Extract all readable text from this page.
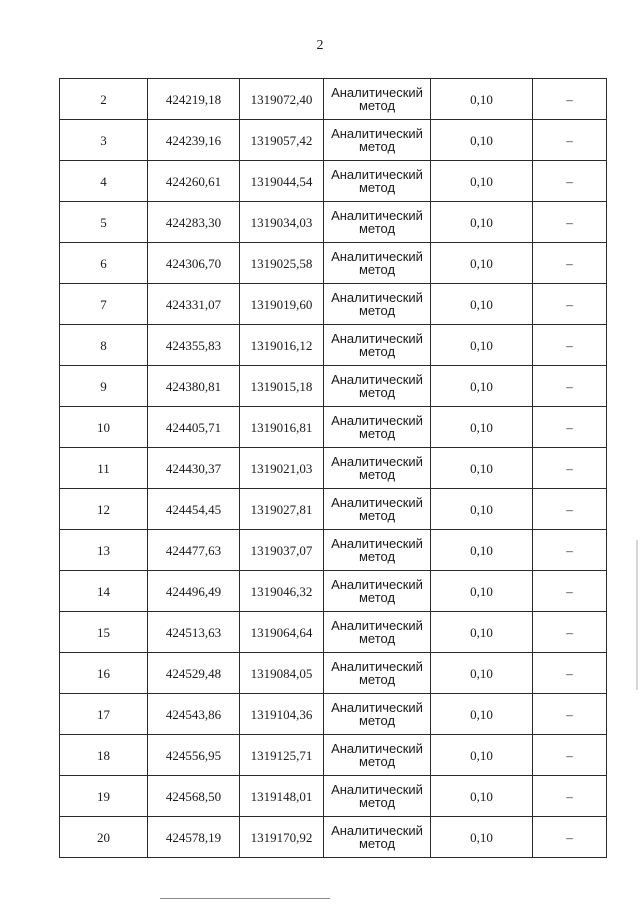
2
2	424219,18	1319072,40	Аналитический метод	0,10	–
3	424239,16	1319057,42	Аналитический метод	0,10	–
4	424260,61	1319044,54	Аналитический метод	0,10	–
5	424283,30	1319034,03	Аналитический метод	0,10	–
6	424306,70	1319025,58	Аналитический метод	0,10	–
7	424331,07	1319019,60	Аналитический метод	0,10	–
8	424355,83	1319016,12	Аналитический метод	0,10	–
9	424380,81	1319015,18	Аналитический метод	0,10	–
10	424405,71	1319016,81	Аналитический метод	0,10	–
11	424430,37	1319021,03	Аналитический метод	0,10	–
12	424454,45	1319027,81	Аналитический метод	0,10	–
13	424477,63	1319037,07	Аналитический метод	0,10	–
14	424496,49	1319046,32	Аналитический метод	0,10	–
15	424513,63	1319064,64	Аналитический метод	0,10	–
16	424529,48	1319084,05	Аналитический метод	0,10	–
17	424543,86	1319104,36	Аналитический метод	0,10	–
18	424556,95	1319125,71	Аналитический метод	0,10	–
19	424568,50	1319148,01	Аналитический метод	0,10	–
20	424578,19	1319170,92	Аналитический метод	0,10	–
